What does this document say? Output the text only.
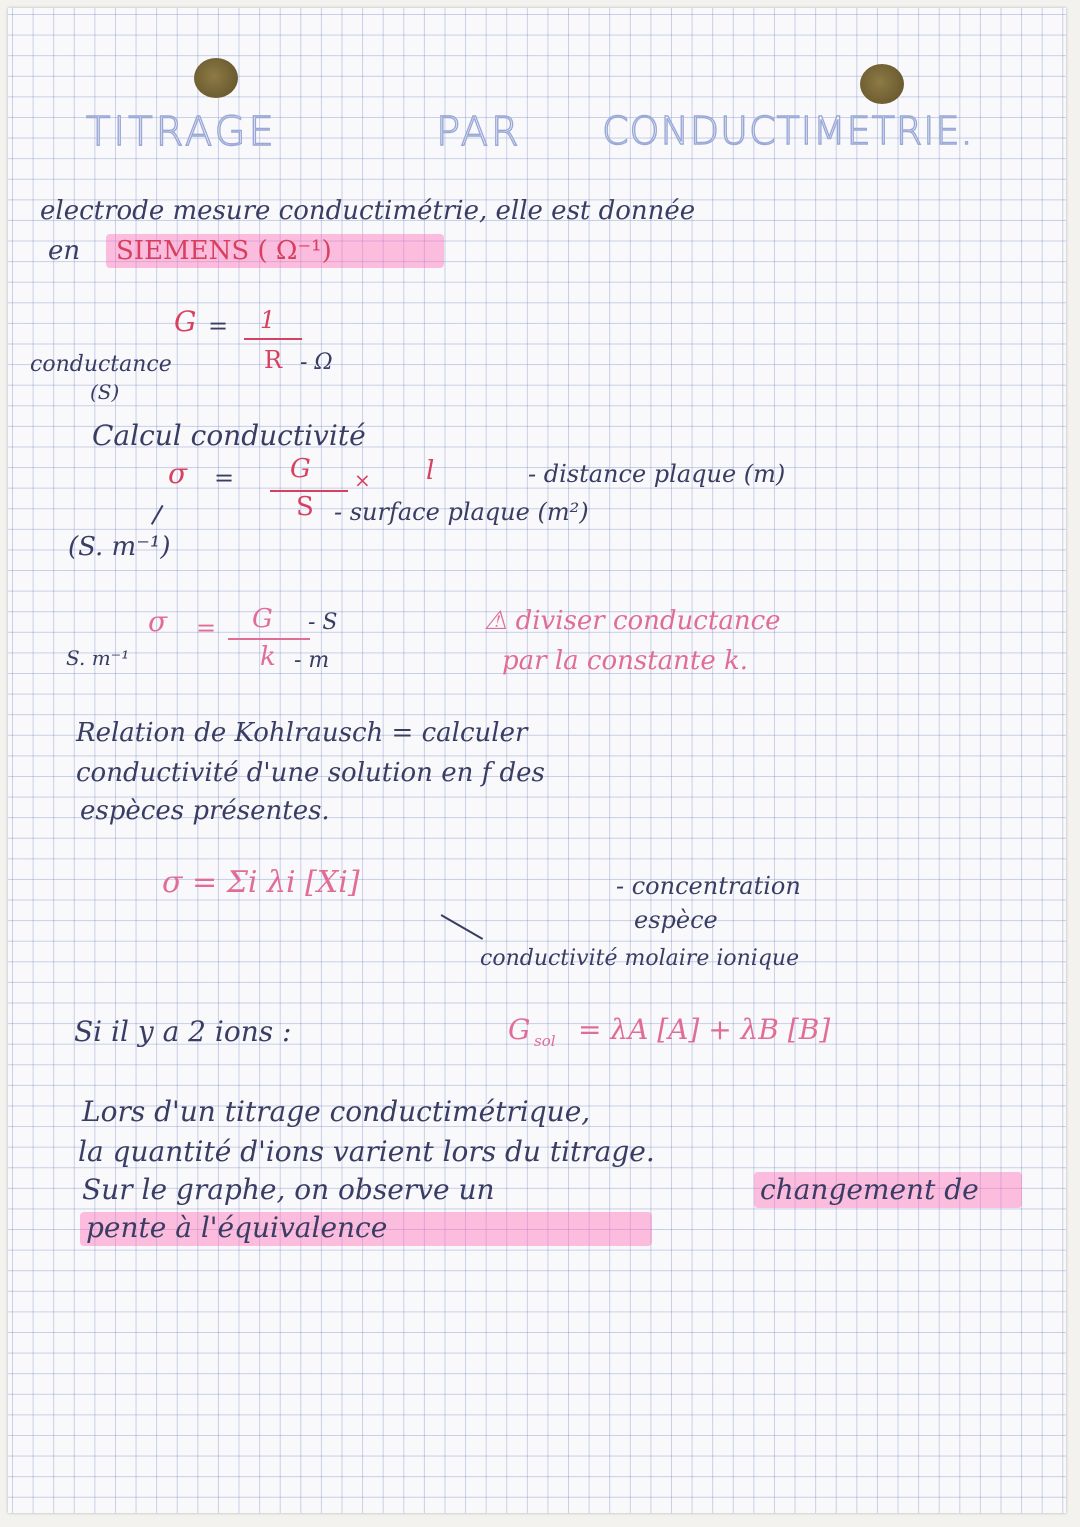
TITRAGE	PAR CONDUCTIMETRIE.
electrode mesure conductimétrie, elle est donnée
en SIEMENS ( Ω⁻¹)
G = 1
R - Ω
conductance
(S)
Calcul conductivité
σ = G × l
S
- distance plaque (m)
- surface plaque (m²)
(S. m⁻¹)
σ = G - S
k - m
S. m⁻¹
⚠ diviser conductance
par la constante k.
Relation de Kohlrausch = calculer
conductivité d'une solution en f des
espèces présentes.
σ = Σi λi [Xi]	- concentration
espèce
conductivité molaire ionique
Si il y a 2 ions :	G sol = λA [A] + λB [B]
Lors d'un titrage conductimétrique,
la quantité d'ions varient lors du titrage.
Sur le graphe, on observe un	changement de
pente à l'équivalence
